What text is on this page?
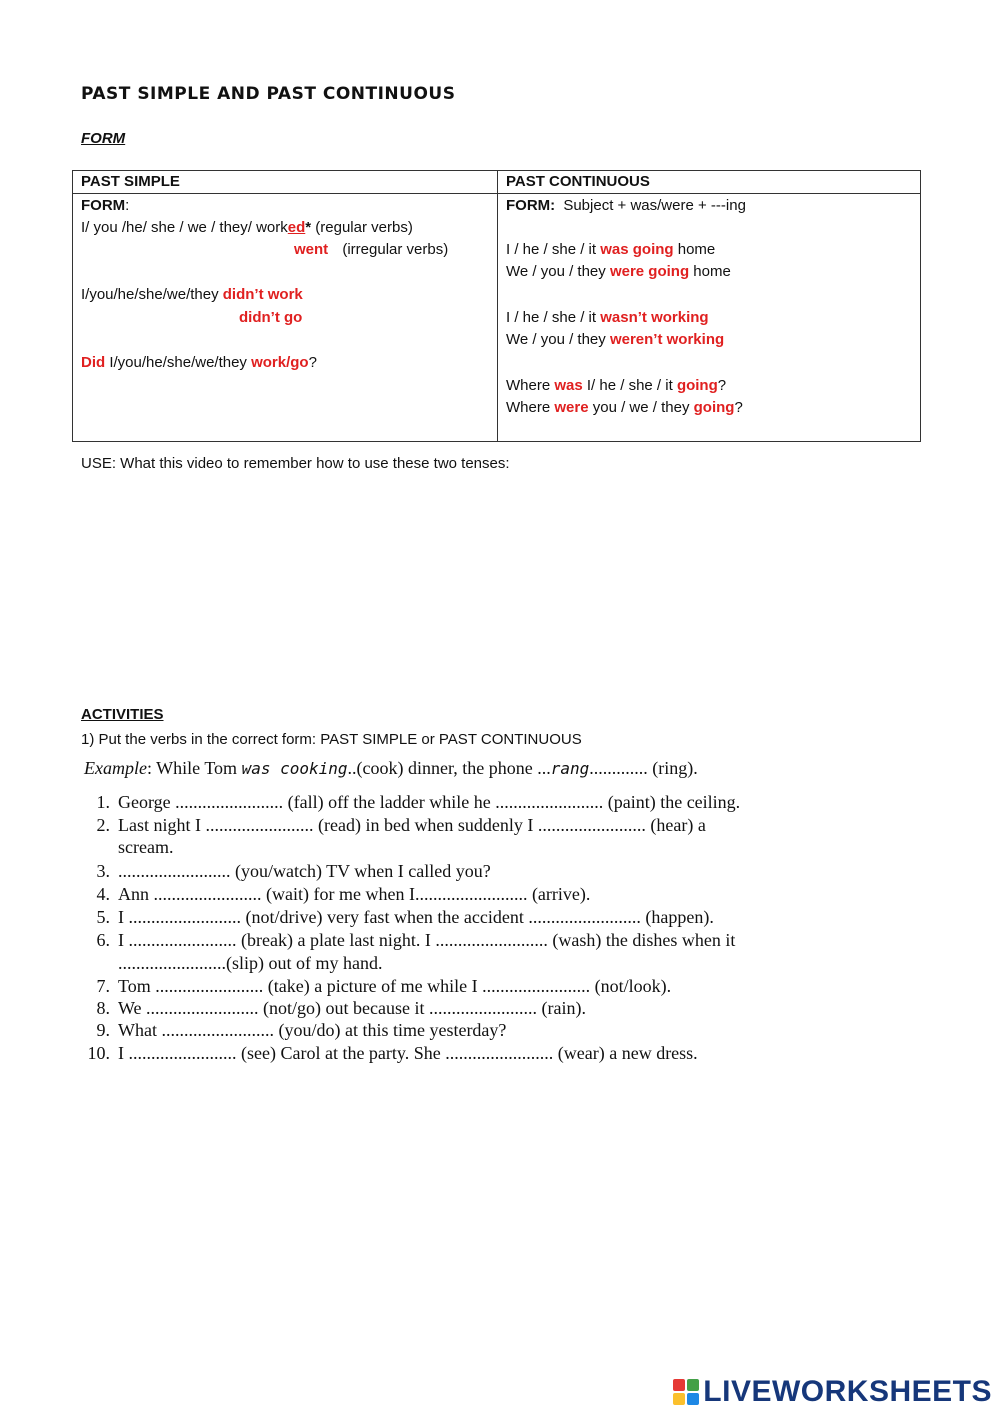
PAST SIMPLE AND PAST CONTINUOUS
FORM
PAST SIMPLE	PAST CONTINUOUS
FORM:
I/ you /he/ she / we / they/ worked* (regular verbs)
went (irregular verbs)
I/you/he/she/we/they didn’t work
didn’t go
Did I/you/he/she/we/they work/go?
FORM: Subject + was/were + ---ing
I / he / she / it was going home
We / you / they were going home
I / he / she / it wasn’t working
We / you / they weren’t working
Where was I/ he / she / it going?
Where were you / we / they going?
USE: What this video to remember how to use these two tenses:
ACTIVITIES
1) Put the verbs in the correct form: PAST SIMPLE or PAST CONTINUOUS
Example: While Tom was cooking..(cook) dinner, the phone ...rang............. (ring).
1. George ........................ (fall) off the ladder while he ........................ (paint) the ceiling.
2. Last night I ........................ (read) in bed when suddenly I ........................ (hear) a
scream.
3. ......................... (you/watch) TV when I called you?
4. Ann ........................ (wait) for me when I......................... (arrive).
5. I ......................... (not/drive) very fast when the accident ......................... (happen).
6. I ........................ (break) a plate last night. I ......................... (wash) the dishes when it
........................(slip) out of my hand.
7. Tom ........................ (take) a picture of me while I ........................ (not/look).
8. We ......................... (not/go) out because it ........................ (rain).
9. What ......................... (you/do) at this time yesterday?
10. I ........................ (see) Carol at the party. She ........................ (wear) a new dress.
LIVEWORKSHEETS
